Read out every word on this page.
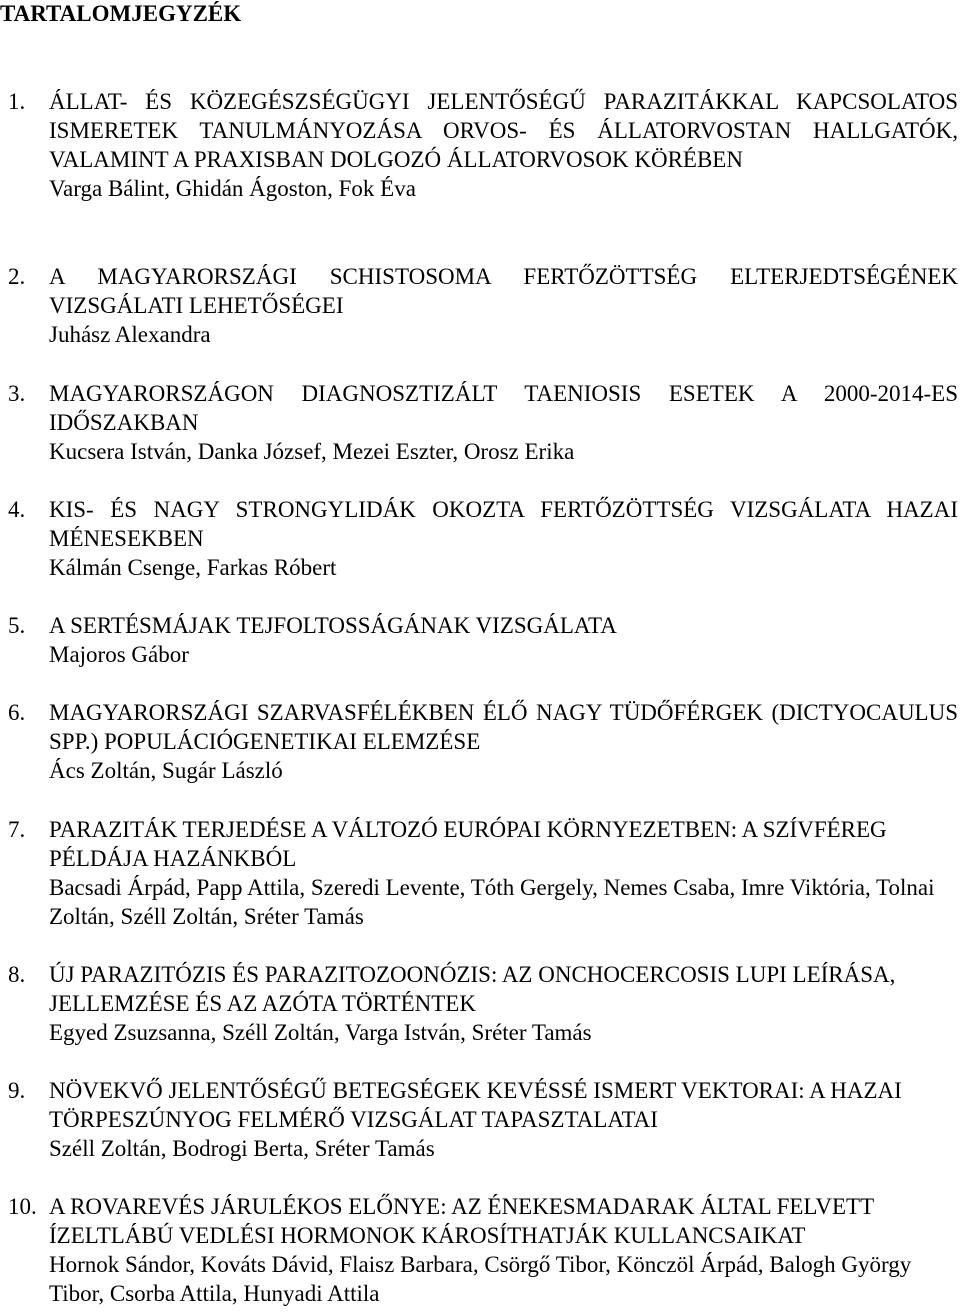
TARTALOMJEGYZÉK
1. ÁLLAT- ÉS KÖZEGÉSZSÉGÜGYI JELENTŐSÉGŰ PARAZITÁKKAL KAPCSOLATOS ISMERETEK TANULMÁNYOZÁSA ORVOS- ÉS ÁLLATORVOSTAN HALLGATÓK, VALAMINT A PRAXISBAN DOLGOZÓ ÁLLATORVOSOK KÖRÉBEN

Varga Bálint, Ghidán Ágoston, Fok Éva

2. A MAGYARORSZÁGI SCHISTOSOMA FERTŐZÖTTSÉG ELTERJEDTSÉGÉNEK VIZSGÁLATI LEHETŐSÉGEI

Juhász Alexandra

3. MAGYARORSZÁGON DIAGNOSZTIZÁLT TAENIOSIS ESETEK A 2000-2014-ES IDŐSZAKBAN

Kucsera István, Danka József, Mezei Eszter, Orosz Erika

4. KIS- ÉS NAGY STRONGYLIDÁK OKOZTA FERTŐZÖTTSÉG VIZSGÁLATA HAZAI MÉNESEKBEN

Kálmán Csenge, Farkas Róbert

5. A SERTÉSMÁJAK TEJFOLTOSSÁGÁNAK VIZSGÁLATA

Majoros Gábor

6. MAGYARORSZÁGI SZARVASFÉLÉKBEN ÉLŐ NAGY TÜDŐFÉRGEK (DICTYOCAULUS SPP.) POPULÁCIÓGENETIKAI ELEMZÉSE

Ács Zoltán, Sugár László

7. PARAZITÁK TERJEDÉSE A VÁLTOZÓ EURÓPAI KÖRNYEZETBEN: A SZÍVFÉREG PÉLDÁJA HAZÁNKBÓL

Bacsadi Árpád, Papp Attila, Szeredi Levente, Tóth Gergely, Nemes Csaba, Imre Viktória, Tolnai Zoltán, Széll Zoltán, Sréter Tamás

8. ÚJ PARAZITÓZIS ÉS PARAZITOZOONÓZIS: AZ ONCHOCERCOSIS LUPI LEÍRÁSA, JELLEMZÉSE ÉS AZ AZÓTA TÖRTÉNTEK

Egyed Zsuzsanna, Széll Zoltán, Varga István, Sréter Tamás

9. NÖVEKVŐ JELENTŐSÉGŰ BETEGSÉGEK KEVÉSSÉ ISMERT VEKTORAI: A HAZAI TÖRPESZÚNYOG FELMÉRŐ VIZSGÁLAT TAPASZTALATAI

Széll Zoltán, Bodrogi Berta, Sréter Tamás

10. A ROVAREVÉS JÁRULÉKOS ELŐNYE: AZ ÉNEKESMADARAK ÁLTAL FELVETT ÍZELTLÁBÚ VEDLÉSI HORMONOK KÁROSÍTHATJÁK KULLANCSAIKAT

Hornok Sándor, Kováts Dávid, Flaisz Barbara, Csörgő Tibor, Könczöl Árpád, Balogh György Tibor, Csorba Attila, Hunyadi Attila
